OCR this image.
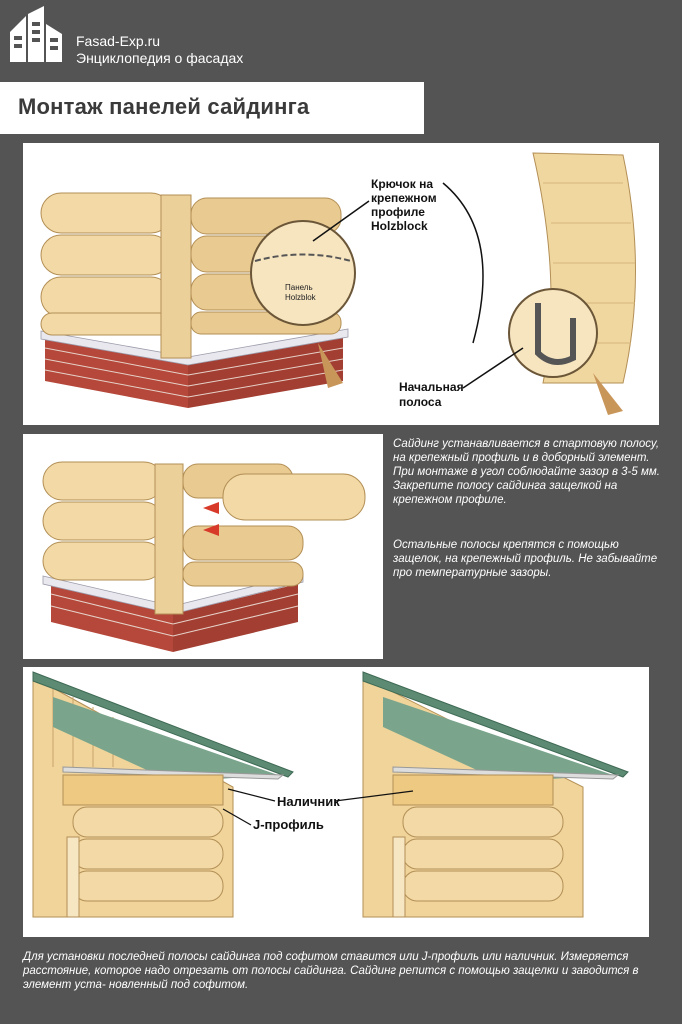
Fasad-Exp.ru
Энциклопедия о фасадах
Монтаж панелей сайдинга
Панель
Holzblok
Крючок на
крепежном
профиле
Holzblock
Начальная
полоса
Сайдинг устанавливается в стартовую полосу, на крепежный профиль и в доборный элемент. При монтаже в угол соблюдайте зазор в 3-5 мм. Закрепите полосу сайдинга защелкой на крепежном профиле.
Остальные полосы крепятся с помощью защелок, на крепежный профиль. Не забывайте про температурные зазоры.
Наличник
J-профиль
Для установки последней полосы сайдинга под софитом ставится или J-профиль или наличник. Измеряется расстояние, которое надо отрезать от полосы сайдинга. Сайдинг репится с помощью защелки и заводится в элемент уста- новленный под софитом.
